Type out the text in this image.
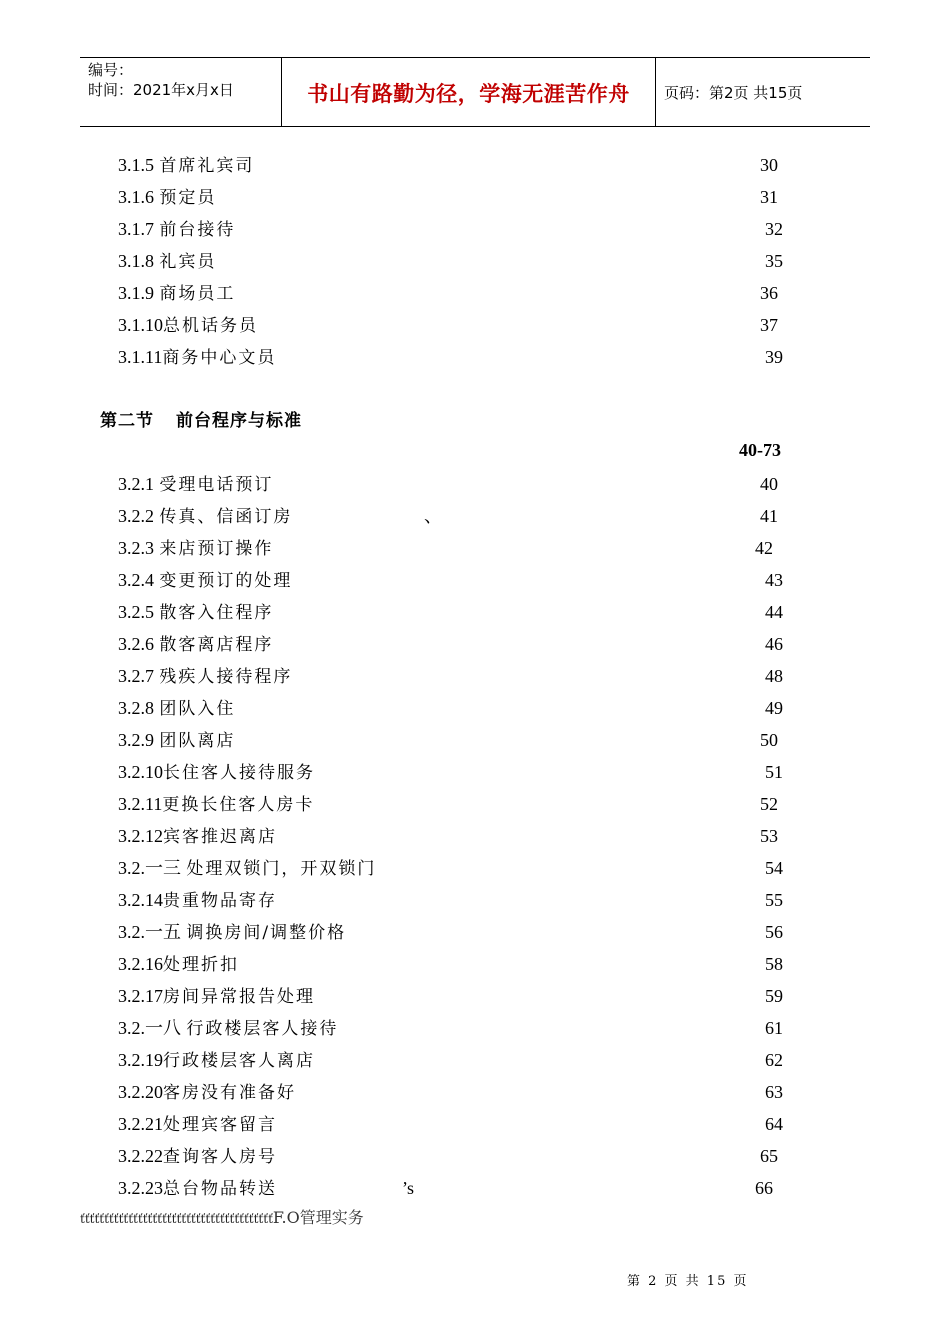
编号：
时间：2021年x月x日	书山有路勤为径，学海无涯苦作舟	页码：第2页 共15页
3.1.5 首席礼宾司	30
3.1.6 预定员	31
3.1.7 前台接待	32
3.1.8 礼宾员	35
3.1.9 商场员工	36
3.1.10总机话务员	37
3.1.11商务中心文员	39
第二节 前台程序与标准
40-73
3.2.1 受理电话预订	40
3.2.2 传真、信函订房	、	41
3.2.3 来店预订操作	42
3.2.4 变更预订的处理	43
3.2.5 散客入住程序	44
3.2.6 散客离店程序	46
3.2.7 残疾人接待程序	48
3.2.8 团队入住	49
3.2.9 团队离店	50
3.2.10长住客人接待服务	51
3.2.11更换长住客人房卡	52
3.2.12宾客推迟离店	53
3.2.一三 处理双锁门，开双锁门	54
3.2.14贵重物品寄存	55
3.2.一五 调换房间/调整价格	56
3.2.16处理折扣	58
3.2.17房间异常报告处理	59
3.2.一八 行政楼层客人接待	61
3.2.19行政楼层客人离店	62
3.2.20客房没有准备好	63
3.2.21处理宾客留言	64
3.2.22查询客人房号	65
3.2.23总台物品转送	’s	66
ťťťťťťťťťťťťťťťťťťťťťťťťťťťťťťťťťťťťťťťťF.O管理实务
第 2 页 共 15 页
